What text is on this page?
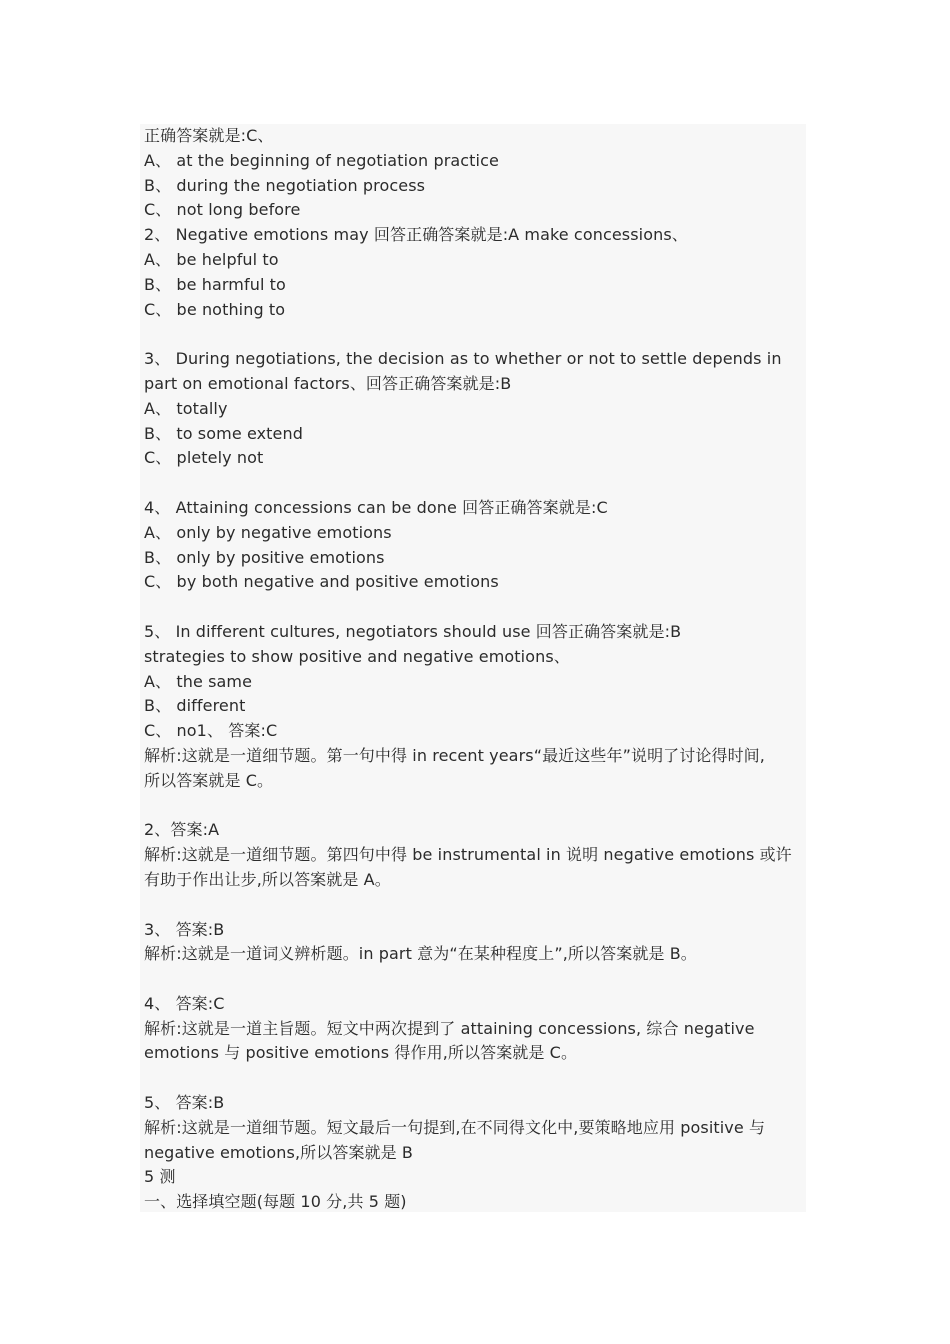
正确答案就是:C、
A、 at the beginning of negotiation practice
B、 during the negotiation process
C、 not long before
2、 Negative emotions may 回答正确答案就是:A make concessions、
A、 be helpful to
B、 be harmful to
C、 be nothing to
3、 During negotiations, the decision as to whether or not to settle depends in
part on emotional factors、回答正确答案就是:B
A、 totally
B、 to some extend
C、 pletely not
4、 Attaining concessions can be done 回答正确答案就是:C
A、 only by negative emotions
B、 only by positive emotions
C、 by both negative and positive emotions
5、 In different cultures, negotiators should use 回答正确答案就是:B
strategies to show positive and negative emotions、
A、 the same
B、 different
C、 no1、 答案:C
解析:这就是一道细节题。第一句中得 in recent years“最近这些年”说明了讨论得时间,
所以答案就是 C。
2、答案:A
解析:这就是一道细节题。第四句中得 be instrumental in 说明 negative emotions 或许
有助于作出让步,所以答案就是 A。
3、 答案:B
解析:这就是一道词义辨析题。in part 意为“在某种程度上”,所以答案就是 B。
4、 答案:C
解析:这就是一道主旨题。短文中两次提到了 attaining concessions, 综合 negative
emotions 与 positive emotions 得作用,所以答案就是 C。
5、 答案:B
解析:这就是一道细节题。短文最后一句提到,在不同得文化中,要策略地应用 positive 与
negative emotions,所以答案就是 B
5 测
一、选择填空题(每题 10 分,共 5 题)
